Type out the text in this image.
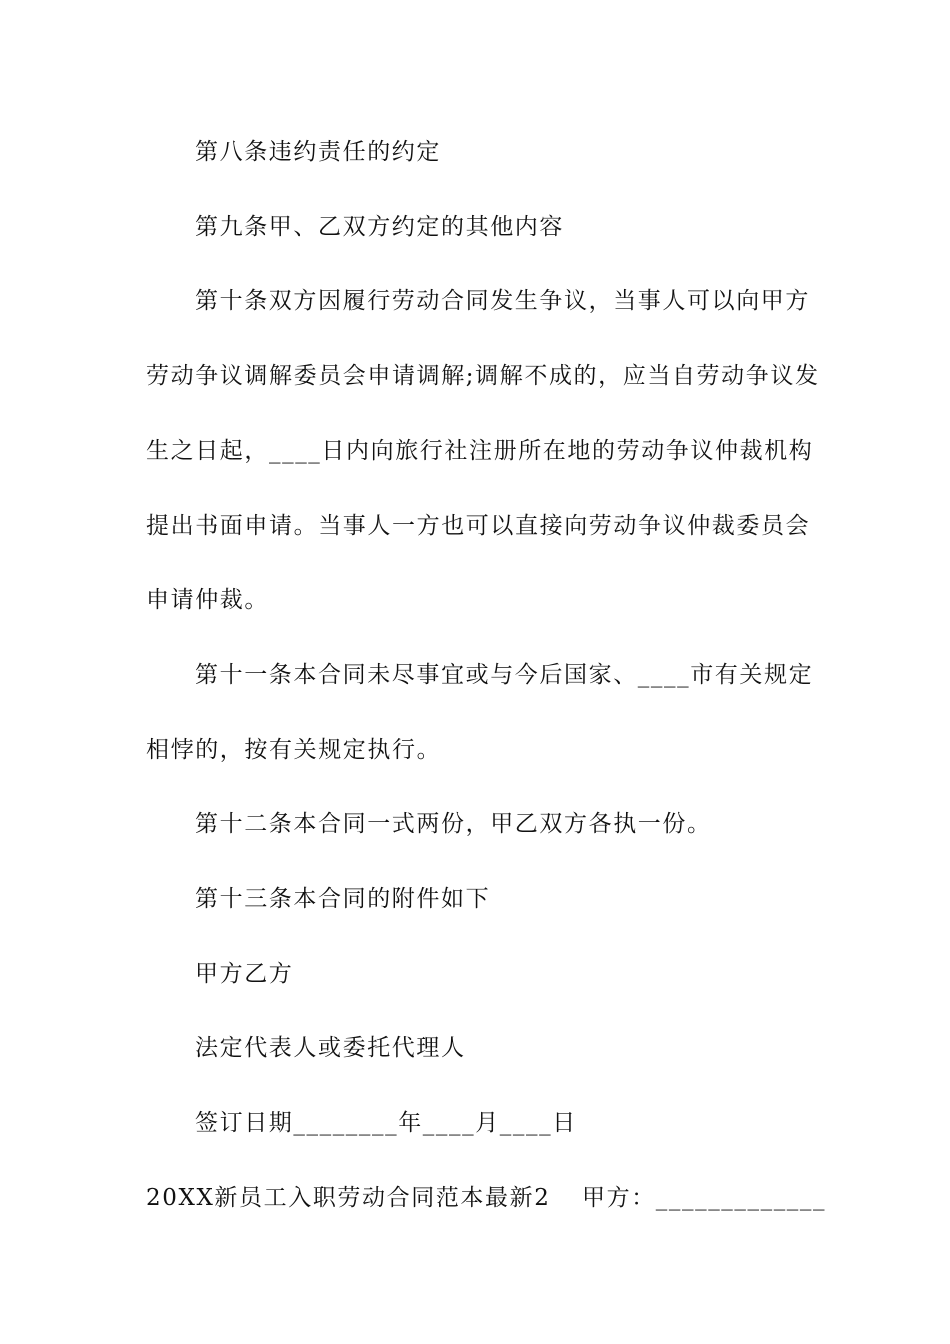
第八条违约责任的约定
第九条甲、乙双方约定的其他内容
第十条双方因履行劳动合同发生争议，当事人可以向甲方
劳动争议调解委员会申请调解;调解不成的，应当自劳动争议发
生之日起，____日内向旅行社注册所在地的劳动争议仲裁机构
提出书面申请。当事人一方也可以直接向劳动争议仲裁委员会
申请仲裁。
第十一条本合同未尽事宜或与今后国家、____市有关规定
相悖的，按有关规定执行。
第十二条本合同一式两份，甲乙双方各执一份。
第十三条本合同的附件如下
甲方乙方
法定代表人或委托代理人
签订日期________年____月____日
20XX新员工入职劳动合同范本最新2 甲方：_____________
